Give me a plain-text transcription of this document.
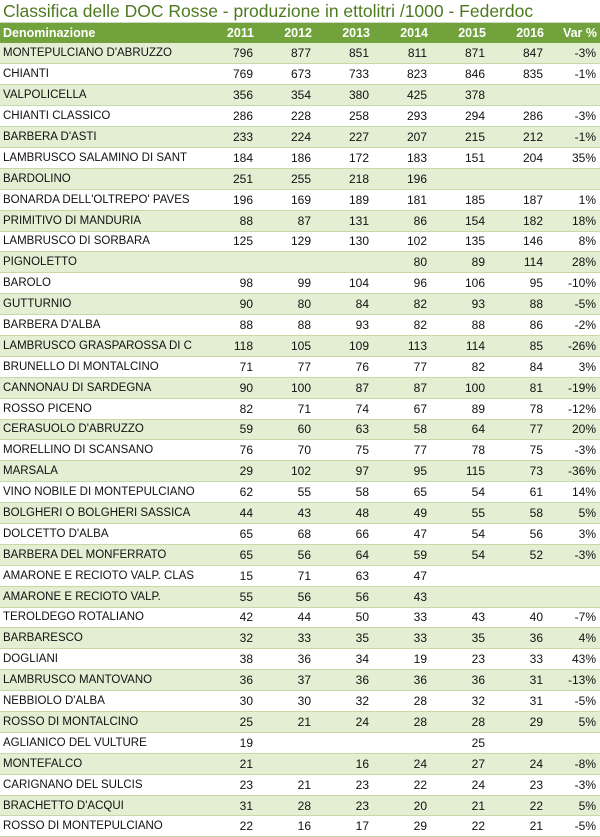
Classifica delle DOC Rosse - produzione in ettolitri /1000 - Federdoc
Denominazione	2011	2012	2013	2014	2015	2016	Var %
MONTEPULCIANO D'ABRUZZO	796	877	851	811	871	847	-3%
CHIANTI	769	673	733	823	846	835	-1%
VALPOLICELLA	356	354	380	425	378		
CHIANTI CLASSICO	286	228	258	293	294	286	-3%
BARBERA D'ASTI	233	224	227	207	215	212	-1%
LAMBRUSCO SALAMINO DI SANT	184	186	172	183	151	204	35%
BARDOLINO	251	255	218	196			
BONARDA DELL'OLTREPO' PAVES	196	169	189	181	185	187	1%
PRIMITIVO DI MANDURIA	88	87	131	86	154	182	18%
LAMBRUSCO DI SORBARA	125	129	130	102	135	146	8%
PIGNOLETTO				80	89	114	28%
BAROLO	98	99	104	96	106	95	-10%
GUTTURNIO	90	80	84	82	93	88	-5%
BARBERA D'ALBA	88	88	93	82	88	86	-2%
LAMBRUSCO GRASPAROSSA DI C	118	105	109	113	114	85	-26%
BRUNELLO DI MONTALCINO	71	77	76	77	82	84	3%
CANNONAU DI SARDEGNA	90	100	87	87	100	81	-19%
ROSSO PICENO	82	71	74	67	89	78	-12%
CERASUOLO D'ABRUZZO	59	60	63	58	64	77	20%
MORELLINO DI SCANSANO	76	70	75	77	78	75	-3%
MARSALA	29	102	97	95	115	73	-36%
VINO NOBILE DI MONTEPULCIANO	62	55	58	65	54	61	14%
BOLGHERI O BOLGHERI SASSICA	44	43	48	49	55	58	5%
DOLCETTO D'ALBA	65	68	66	47	54	56	3%
BARBERA DEL MONFERRATO	65	56	64	59	54	52	-3%
AMARONE E RECIOTO VALP. CLAS	15	71	63	47			
AMARONE E RECIOTO VALP.	55	56	56	43			
TEROLDEGO ROTALIANO	42	44	50	33	43	40	-7%
BARBARESCO	32	33	35	33	35	36	4%
DOGLIANI	38	36	34	19	23	33	43%
LAMBRUSCO MANTOVANO	36	37	36	36	36	31	-13%
NEBBIOLO D'ALBA	30	30	32	28	32	31	-5%
ROSSO DI MONTALCINO	25	21	24	28	28	29	5%
AGLIANICO DEL VULTURE	19				25		
MONTEFALCO	21		16	24	27	24	-8%
CARIGNANO DEL SULCIS	23	21	23	22	24	23	-3%
BRACHETTO D'ACQUI	31	28	23	20	21	22	5%
ROSSO DI MONTEPULCIANO	22	16	17	29	22	21	-5%
